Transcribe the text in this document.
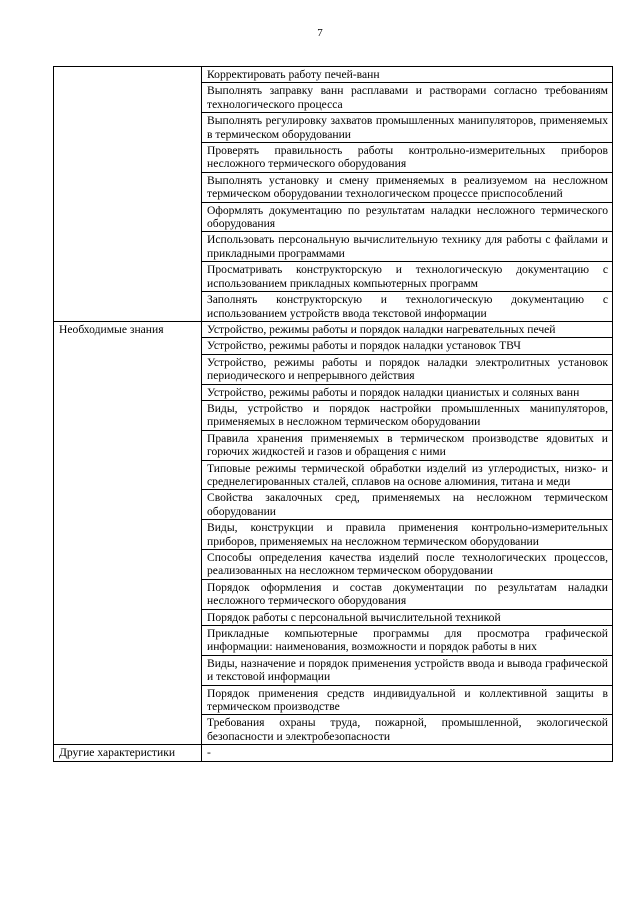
7

	Корректировать работу печей-ванн

	Выполнять заправку ванн расплавами и растворами согласно требованиям технологического процесса

	Выполнять регулировку захватов промышленных манипуляторов, применяемых в термическом оборудовании

	Проверять правильность работы контрольно-измерительных приборов несложного термического оборудования

	Выполнять установку и смену применяемых в реализуемом на несложном термическом оборудовании технологическом процессе приспособлений

	Оформлять документацию по результатам наладки несложного термического оборудования

	Использовать персональную вычислительную технику для работы с файлами и прикладными программами

	Просматривать конструкторскую и технологическую документацию с использованием прикладных компьютерных программ

	Заполнять конструкторскую и технологическую документацию с использованием устройств ввода текстовой информации

Необходимые знания	Устройство, режимы работы и порядок наладки нагревательных печей

	Устройство, режимы работы и порядок наладки установок ТВЧ

	Устройство, режимы работы и порядок наладки электролитных установок периодического и непрерывного действия

	Устройство, режимы работы и порядок наладки цианистых и соляных ванн

	Виды, устройство и порядок настройки промышленных манипуляторов, применяемых в несложном термическом оборудовании

	Правила хранения применяемых в термическом производстве ядовитых и горючих жидкостей и газов и обращения с ними

	Типовые режимы термической обработки изделий из углеродистых, низко- и среднелегированных сталей, сплавов на основе алюминия, титана и меди

	Свойства закалочных сред, применяемых на несложном термическом оборудовании

	Виды, конструкции и правила применения контрольно-измерительных приборов, применяемых на несложном термическом оборудовании

	Способы определения качества изделий после технологических процессов, реализованных на несложном термическом оборудовании

	Порядок оформления и состав документации по результатам наладки несложного термического оборудования

	Порядок работы с персональной вычислительной техникой

	Прикладные компьютерные программы для просмотра графической информации: наименования, возможности и порядок работы в них

	Виды, назначение и порядок применения устройств ввода и вывода графической и текстовой информации

	Порядок применения средств индивидуальной и коллективной защиты в термическом производстве

	Требования охраны труда, пожарной, промышленной, экологической безопасности и электробезопасности

Другие характеристики	-
